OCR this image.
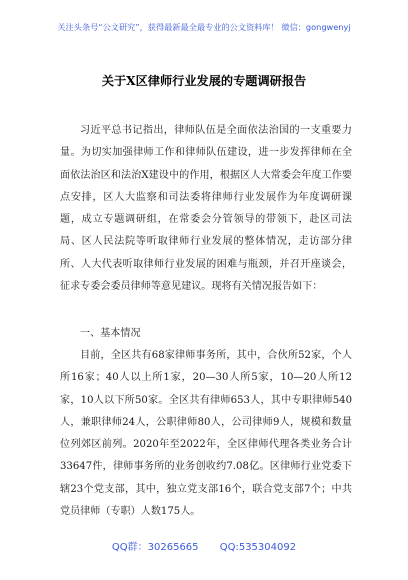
关注头条号“公文研究”，获得最新最全最专业的公文资料库！ 微信：gongwenyj
关于X区律师行业发展的专题调研报告

习近平总书记指出，律师队伍是全面依法治国的一支重要力量。为切实加强律师工作和律师队伍建设，进一步发挥律师在全面依法治区和法治X建设中的作用，根据区人大常委会年度工作要点安排，区人大监察和司法委将律师行业发展作为年度调研课题，成立专题调研组，在常委会分管领导的带领下，赴区司法局、区人民法院等听取律师行业发展的整体情况，走访部分律所、人大代表听取律师行业发展的困难与瓶颈，并召开座谈会，征求专委会委员律师等意见建议。现将有关情况报告如下：

一、基本情况

目前，全区共有68家律师事务所，其中，合伙所52家，个人所16家；40人以上所1家，20—30人所5家，10—20人所12家，10人以下所50家。全区共有律师653人，其中专职律师540人，兼职律师24人，公职律师80人，公司律师9人，规模和数量位列郊区前列。2020年至2022年，全区律师代理各类业务合计33647件，律师事务所的业务创收约7.08亿。区律师行业党委下辖23个党支部，其中，独立党支部16个，联合党支部7个；中共党员律师（专职）人数175人。

QQ群：30265665 QQ:535304092
